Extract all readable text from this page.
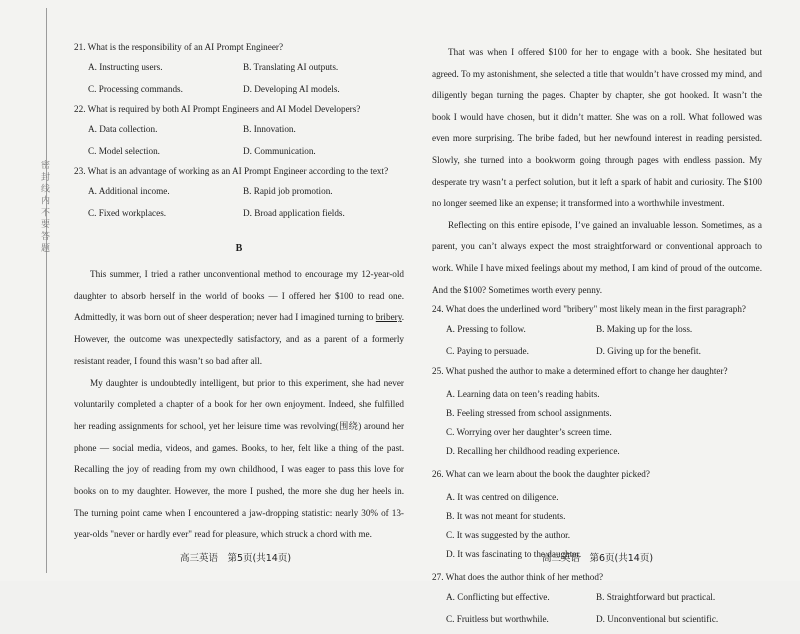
密 封 线 内 不 要 答 题
21. What is the responsibility of an AI Prompt Engineer?
A. Instructing users.	B. Translating AI outputs.
C. Processing commands.	D. Developing AI models.
22. What is required by both AI Prompt Engineers and AI Model Developers?
A. Data collection.	B. Innovation.
C. Model selection.	D. Communication.
23. What is an advantage of working as an AI Prompt Engineer according to the text?
A. Additional income.	B. Rapid job promotion.
C. Fixed workplaces.	D. Broad application fields.
B

This summer, I tried a rather unconventional method to encourage my 12-year-old daughter to absorb herself in the world of books — I offered her $100 to read one. Admittedly, it was born out of sheer desperation; never had I imagined turning to bribery. However, the outcome was unexpectedly satisfactory, and as a parent of a formerly resistant reader, I found this wasn’t so bad after all.

My daughter is undoubtedly intelligent, but prior to this experiment, she had never voluntarily completed a chapter of a book for her own enjoyment. Indeed, she fulfilled her reading assignments for school, yet her leisure time was revolving(围绕) around her phone — social media, videos, and games. Books, to her, felt like a thing of the past. Recalling the joy of reading from my own childhood, I was eager to pass this love for books on to my daughter. However, the more I pushed, the more she dug her heels in. The turning point came when I encountered a jaw-dropping statistic: nearly 30% of 13-year-olds "never or hardly ever" read for pleasure, which struck a chord with me.

That was when I offered $100 for her to engage with a book. She hesitated but agreed. To my astonishment, she selected a title that wouldn’t have crossed my mind, and diligently began turning the pages. Chapter by chapter, she got hooked. It wasn’t the book I would have chosen, but it didn’t matter. She was on a roll. What followed was even more surprising. The bribe faded, but her newfound interest in reading persisted. Slowly, she turned into a bookworm going through pages with endless passion. My desperate try wasn’t a perfect solution, but it left a spark of habit and curiosity. The $100 no longer seemed like an expense; it transformed into a worthwhile investment.

Reflecting on this entire episode, I’ve gained an invaluable lesson. Sometimes, as a parent, you can’t always expect the most straightforward or conventional approach to work. While I have mixed feelings about my method, I am kind of proud of the outcome. And the $100? Sometimes worth every penny.

24. What does the underlined word "bribery" most likely mean in the first paragraph?
A. Pressing to follow.	B. Making up for the loss.
C. Paying to persuade.	D. Giving up for the benefit.
25. What pushed the author to make a determined effort to change her daughter?
A. Learning data on teen’s reading habits.
B. Feeling stressed from school assignments.
C. Worrying over her daughter’s screen time.
D. Recalling her childhood reading experience.
26. What can we learn about the book the daughter picked?
A. It was centred on diligence.
B. It was not meant for students.
C. It was suggested by the author.
D. It was fascinating to the daughter.
27. What does the author think of her method?
A. Conflicting but effective.	B. Straightforward but practical.
C. Fruitless but worthwhile.	D. Unconventional but scientific.
高三英语　第5页(共14页)	高三英语　第6页(共14页)
